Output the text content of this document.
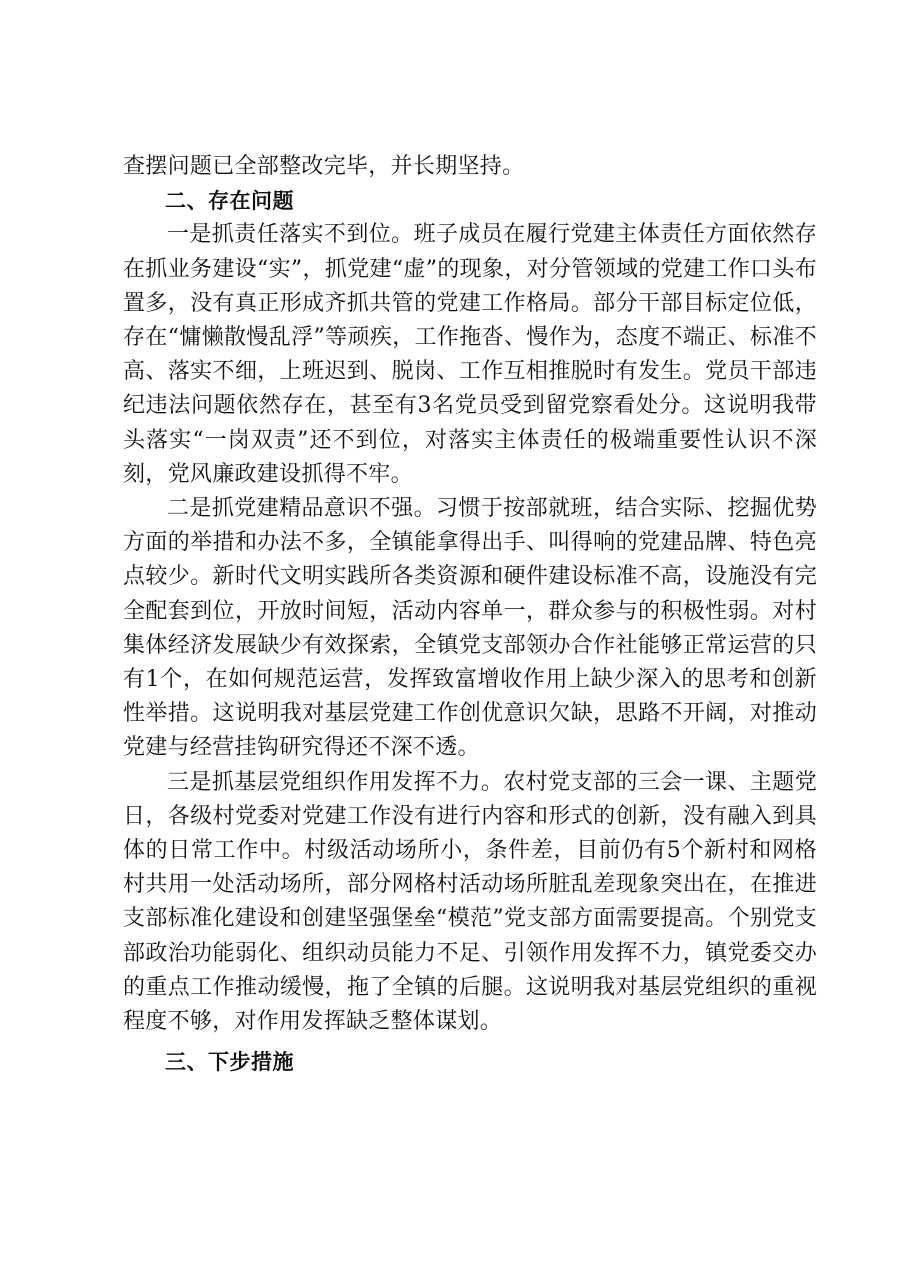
查摆问题已全部整改完毕，并长期坚持。

二、存在问题

一是抓责任落实不到位。班子成员在履行党建主体责任方面依然存在抓业务建设“实”，抓党建“虚”的现象，对分管领域的党建工作口头布置多，没有真正形成齐抓共管的党建工作格局。部分干部目标定位低，存在“慵懒散慢乱浮”等顽疾，工作拖沓、慢作为，态度不端正、标准不高、落实不细，上班迟到、脱岗、工作互相推脱时有发生。党员干部违纪违法问题依然存在，甚至有3名党员受到留党察看处分。这说明我带头落实“一岗双责”还不到位，对落实主体责任的极端重要性认识不深刻，党风廉政建设抓得不牢。

二是抓党建精品意识不强。习惯于按部就班，结合实际、挖掘优势方面的举措和办法不多，全镇能拿得出手、叫得响的党建品牌、特色亮点较少。新时代文明实践所各类资源和硬件建设标准不高，设施没有完全配套到位，开放时间短，活动内容单一，群众参与的积极性弱。对村集体经济发展缺少有效探索，全镇党支部领办合作社能够正常运营的只有1个，在如何规范运营，发挥致富增收作用上缺少深入的思考和创新性举措。这说明我对基层党建工作创优意识欠缺，思路不开阔，对推动党建与经营挂钩研究得还不深不透。

三是抓基层党组织作用发挥不力。农村党支部的三会一课、主题党日，各级村党委对党建工作没有进行内容和形式的创新，没有融入到具体的日常工作中。村级活动场所小，条件差，目前仍有5个新村和网格村共用一处活动场所，部分网格村活动场所脏乱差现象突出在，在推进支部标准化建设和创建坚强堡垒“模范”党支部方面需要提高。个别党支部政治功能弱化、组织动员能力不足、引领作用发挥不力，镇党委交办的重点工作推动缓慢，拖了全镇的后腿。这说明我对基层党组织的重视程度不够，对作用发挥缺乏整体谋划。

三、下步措施
